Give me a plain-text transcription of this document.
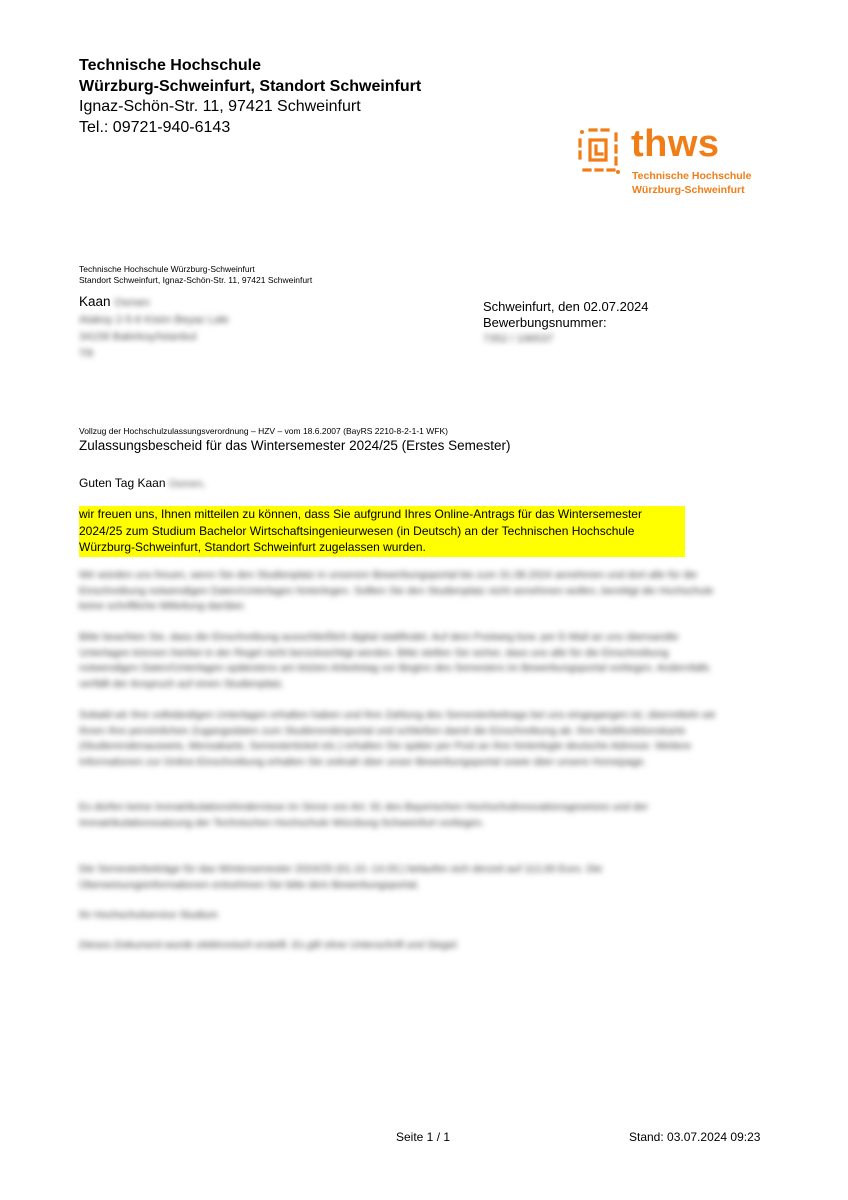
Technische Hochschule
Würzburg-Schweinfurt, Standort Schweinfurt
Ignaz-Schön-Str. 11, 97421 Schweinfurt
Tel.: 09721-940-6143	thws
Technische Hochschule
Würzburg-Schweinfurt
Technische Hochschule Würzburg-Schweinfurt
Standort Schweinfurt, Ignaz-Schön-Str. 11, 97421 Schweinfurt
Kaan Osmen
Atakoy 2-5-6 Kisim Beyaz Lale
34158 Bakirkoy/Istanbul
TR
Schweinfurt, den 02.07.2024
Bewerbungsnummer:
7352 / 196537
Vollzug der Hochschulzulassungsverordnung – HZV – vom 18.6.2007 (BayRS 2210-8-2-1-1 WFK)
Zulassungsbescheid für das Wintersemester 2024/25 (Erstes Semester)
Guten Tag Kaan Osmen,
wir freuen uns, Ihnen mitteilen zu können, dass Sie aufgrund Ihres Online-Antrags für das Wintersemester 2024/25 zum Studium Bachelor Wirtschaftsingenieurwesen (in Deutsch) an der Technischen Hochschule Würzburg-Schweinfurt, Standort Schweinfurt zugelassen wurden.
Wir würden uns freuen, wenn Sie den Studienplatz in unserem Bewerbungsportal bis zum 31.08.2024 annehmen und dort alle für die Einschreibung notwendigen Daten/Unterlagen hinterlegen. Sollten Sie den Studienplatz nicht annehmen wollen, benötigt die Hochschule keine schriftliche Mitteilung darüber.
Bitte beachten Sie, dass die Einschreibung ausschließlich digital stattfindet. Auf dem Postweg bzw. per E-Mail an uns übersandte Unterlagen können hierbei in der Regel nicht berücksichtigt werden. Bitte stellen Sie sicher, dass uns alle für die Einschreibung notwendigen Daten/Unterlagen spätestens am letzten Arbeitstag vor Beginn des Semesters im Bewerbungsportal vorliegen. Andernfalls verfällt der Anspruch auf einen Studienplatz.
Sobald wir Ihre vollständigen Unterlagen erhalten haben und Ihre Zahlung des Semesterbeitrags bei uns eingegangen ist, übermitteln wir Ihnen Ihre persönlichen Zugangsdaten zum Studierendenportal und schließen damit die Einschreibung ab. Ihre Multifunktionskarte (Studierendenausweis, Mensakarte, Semesterticket etc.) erhalten Sie später per Post an Ihre hinterlegte deutsche Adresse. Weitere Informationen zur Online-Einschreibung erhalten Sie zeitnah über unser Bewerbungsportal sowie über unsere Homepage.
Es dürfen keine Immatrikulationshindernisse im Sinne von Art. 91 des Bayerischen Hochschulinnovationsgesetzes und der Immatrikulationssatzung der Technischen Hochschule Würzburg-Schweinfurt vorliegen.
Die Semesterbeiträge für das Wintersemester 2024/25 (01.10.-14.03.) belaufen sich derzeit auf 112,00 Euro. Die Überweisungsinformationen entnehmen Sie bitte dem Bewerbungsportal.
Ihr Hochschulservice Studium
Dieses Dokument wurde elektronisch erstellt. Es gilt ohne Unterschrift und Siegel.
Seite 1 / 1	Stand: 03.07.2024 09:23
